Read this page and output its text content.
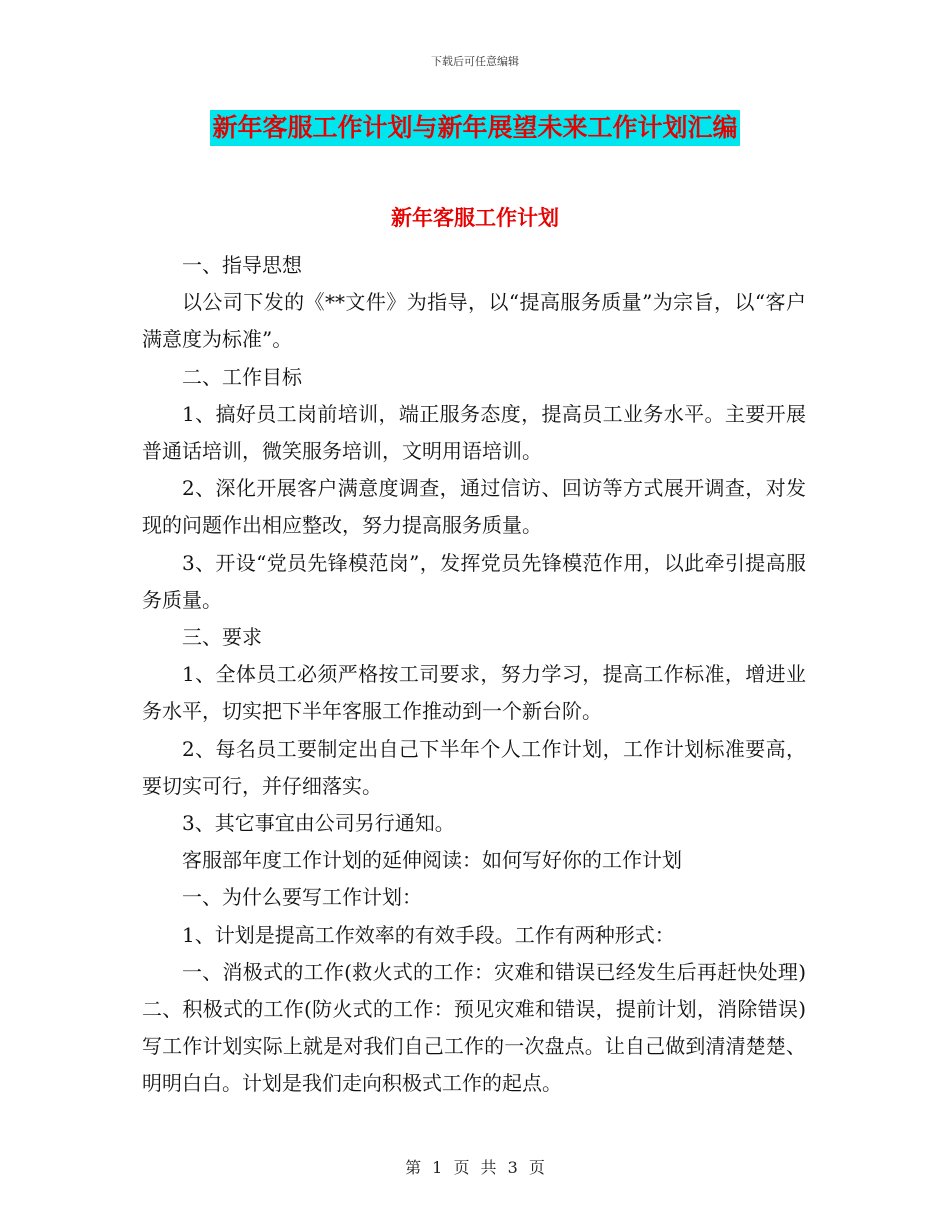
下载后可任意编辑
新年客服工作计划与新年展望未来工作计划汇编
新年客服工作计划

一、指导思想

以公司下发的《**文件》为指导，以“提高服务质量”为宗旨，以“客户满意度为标准”。

二、工作目标

1、搞好员工岗前培训，端正服务态度，提高员工业务水平。主要开展普通话培训，微笑服务培训，文明用语培训。

2、深化开展客户满意度调查，通过信访、回访等方式展开调查，对发现的问题作出相应整改，努力提高服务质量。

3、开设“党员先锋模范岗”，发挥党员先锋模范作用，以此牵引提高服务质量。

三、要求

1、全体员工必须严格按工司要求，努力学习，提高工作标准，增进业务水平，切实把下半年客服工作推动到一个新台阶。

2、每名员工要制定出自己下半年个人工作计划，工作计划标准要高，要切实可行，并仔细落实。

3、其它事宜由公司另行通知。

客服部年度工作计划的延伸阅读：如何写好你的工作计划

一、为什么要写工作计划：

1、计划是提高工作效率的有效手段。工作有两种形式：

一、消极式的工作(救火式的工作：灾难和错误已经发生后再赶快处理)二、积极式的工作(防火式的工作：预见灾难和错误，提前计划，消除错误)写工作计划实际上就是对我们自己工作的一次盘点。让自己做到清清楚楚、明明白白。计划是我们走向积极式工作的起点。

第 1 页 共 3 页
